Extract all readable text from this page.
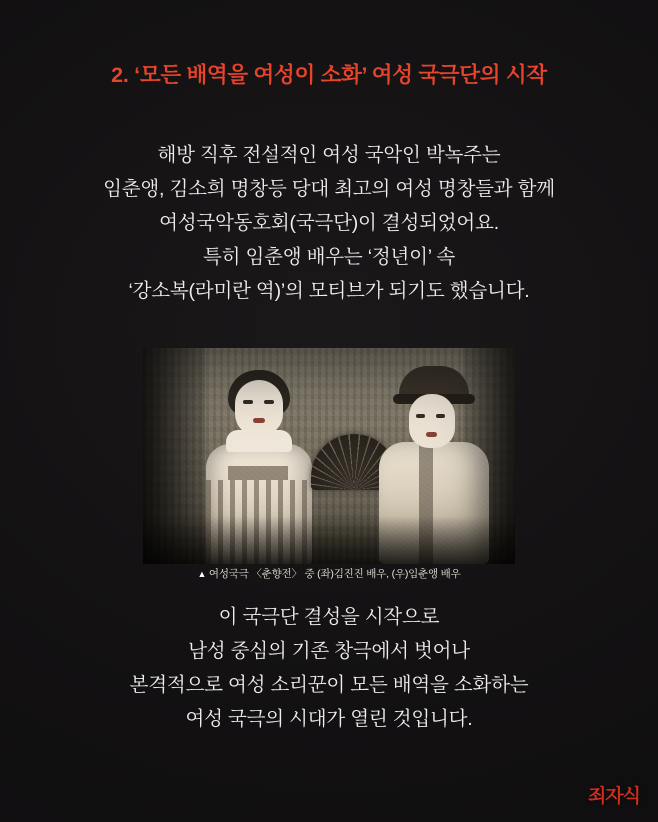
2. ‘모든 배역을 여성이 소화’ 여성 국극단의 시작
해방 직후 전설적인 여성 국악인 박녹주는
임춘앵, 김소희 명창등 당대 최고의 여성 명창들과 함께
여성국악동호회(국극단)이 결성되었어요.
특히 임춘앵 배우는 ‘정년이’ 속
‘강소복(라미란 역)’의 모티브가 되기도 했습니다.
▲ 여성국극 〈춘향전〉 중 (좌)김진진 배우, (우)임춘앵 배우
이 국극단 결성을 시작으로
남성 중심의 기존 창극에서 벗어나
본격적으로 여성 소리꾼이 모든 배역을 소화하는
여성 국극의 시대가 열린 것입니다.
죄자식
